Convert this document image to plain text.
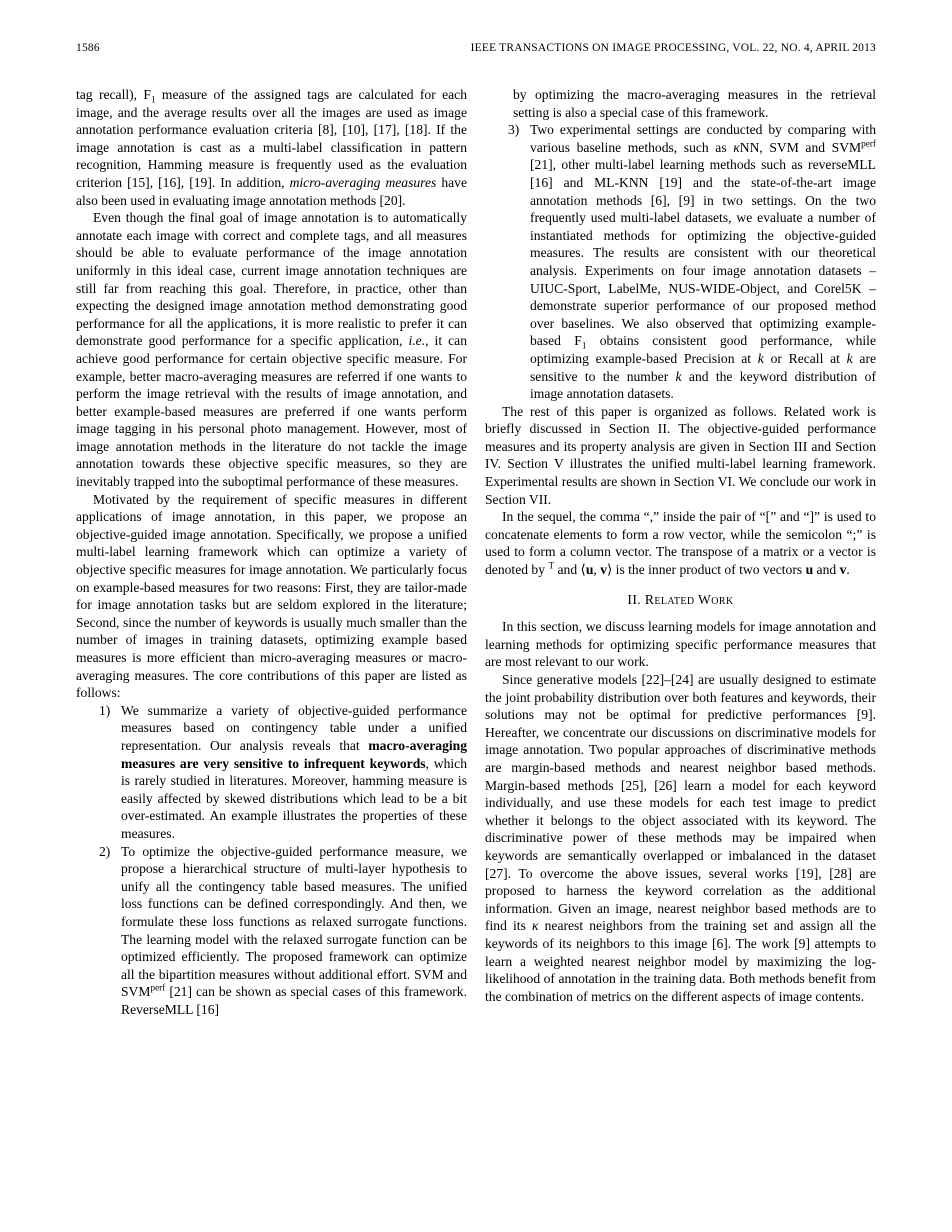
1586	IEEE TRANSACTIONS ON IMAGE PROCESSING, VOL. 22, NO. 4, APRIL 2013

tag recall), $F_1$ measure of the assigned tags are calculated for each image, and the average results over all the images are used as image annotation performance evaluation criteria [8], [10], [17], [18]. If the image annotation is cast as a multi-label classification in pattern recognition, Hamming measure is frequently used as the evaluation criterion [15], [16], [19]. In addition, micro-averaging measures have also been used in evaluating image annotation methods [20].

Even though the final goal of image annotation is to automatically annotate each image with correct and complete tags, and all measures should be able to evaluate performance of the image annotation uniformly in this ideal case, current image annotation techniques are still far from reaching this goal. Therefore, in practice, other than expecting the designed image annotation method demonstrating good performance for all the applications, it is more realistic to prefer it can demonstrate good performance for a specific application, i.e., it can achieve good performance for certain objective specific measure. For example, better macro-averaging measures are referred if one wants to perform the image retrieval with the results of image annotation, and better example-based measures are preferred if one wants perform image tagging in his personal photo management. However, most of image annotation methods in the literature do not tackle the image annotation towards these objective specific measures, so they are inevitably trapped into the suboptimal performance of these measures.

Motivated by the requirement of specific measures in different applications of image annotation, in this paper, we propose an objective-guided image annotation. Specifically, we propose a unified multi-label learning framework which can optimize a variety of objective specific measures for image annotation. We particularly focus on example-based measures for two reasons: First, they are tailor-made for image annotation tasks but are seldom explored in the literature; Second, since the number of keywords is usually much smaller than the number of images in training datasets, optimizing example based measures is more efficient than micro-averaging measures or macro-averaging measures. The core contributions of this paper are listed as follows:

1) We summarize a variety of objective-guided performance measures based on contingency table under a unified representation. Our analysis reveals that macro-averaging measures are very sensitive to infrequent keywords, which is rarely studied in literatures. Moreover, hamming measure is easily affected by skewed distributions which lead to be a bit over-estimated. An example illustrates the properties of these measures.
2) To optimize the objective-guided performance measure, we propose a hierarchical structure of multi-layer hypothesis to unify all the contingency table based measures. The unified loss functions can be defined correspondingly. And then, we formulate these loss functions as relaxed surrogate functions. The learning model with the relaxed surrogate function can be optimized efficiently. The proposed framework can optimize all the bipartition measures without additional effort. SVM and $SVM^{perf}$ [21] can be shown as special cases of this framework. ReverseMLL [16]
by optimizing the macro-averaging measures in the retrieval setting is also a special case of this framework.
3) Two experimental settings are conducted by comparing with various baseline methods, such as κNN, SVM and $SVM^{perf}$ [21], other multi-label learning methods such as reverseMLL [16] and ML-KNN [19] and the state-of-the-art image annotation methods [6], [9] in two settings. On the two frequently used multi-label datasets, we evaluate a number of instantiated methods for optimizing the objective-guided measures. The results are consistent with our theoretical analysis. Experiments on four image annotation datasets – UIUC-Sport, LabelMe, NUS-WIDE-Object, and Corel5K – demonstrate superior performance of our proposed method over baselines. We also observed that optimizing example-based $F_1$ obtains consistent good performance, while optimizing example-based Precision at k or Recall at k are sensitive to the number k and the keyword distribution of image annotation datasets.

The rest of this paper is organized as follows. Related work is briefly discussed in Section II. The objective-guided performance measures and its property analysis are given in Section III and Section IV. Section V illustrates the unified multi-label learning framework. Experimental results are shown in Section VI. We conclude our work in Section VII.

In the sequel, the comma “,” inside the pair of “[” and “]” is used to concatenate elements to form a row vector, while the semicolon “;” is used to form a column vector. The transpose of a matrix or a vector is denoted by $^T$ and ⟨u, v⟩ is the inner product of two vectors u and v.

II. Related Work

In this section, we discuss learning models for image annotation and learning methods for optimizing specific performance measures that are most relevant to our work.

Since generative models [22]–[24] are usually designed to estimate the joint probability distribution over both features and keywords, their solutions may not be optimal for predictive performances [9]. Hereafter, we concentrate our discussions on discriminative models for image annotation. Two popular approaches of discriminative methods are margin-based methods and nearest neighbor based methods. Margin-based methods [25], [26] learn a model for each keyword individually, and use these models for each test image to predict whether it belongs to the object associated with its keyword. The discriminative power of these methods may be impaired when keywords are semantically overlapped or imbalanced in the dataset [27]. To overcome the above issues, several works [19], [28] are proposed to harness the keyword correlation as the additional information. Given an image, nearest neighbor based methods are to find its κ nearest neighbors from the training set and assign all the keywords of its neighbors to this image [6]. The work [9] attempts to learn a weighted nearest neighbor model by maximizing the log-likelihood of annotation in the training data. Both methods benefit from the combination of metrics on the different aspects of image contents.
